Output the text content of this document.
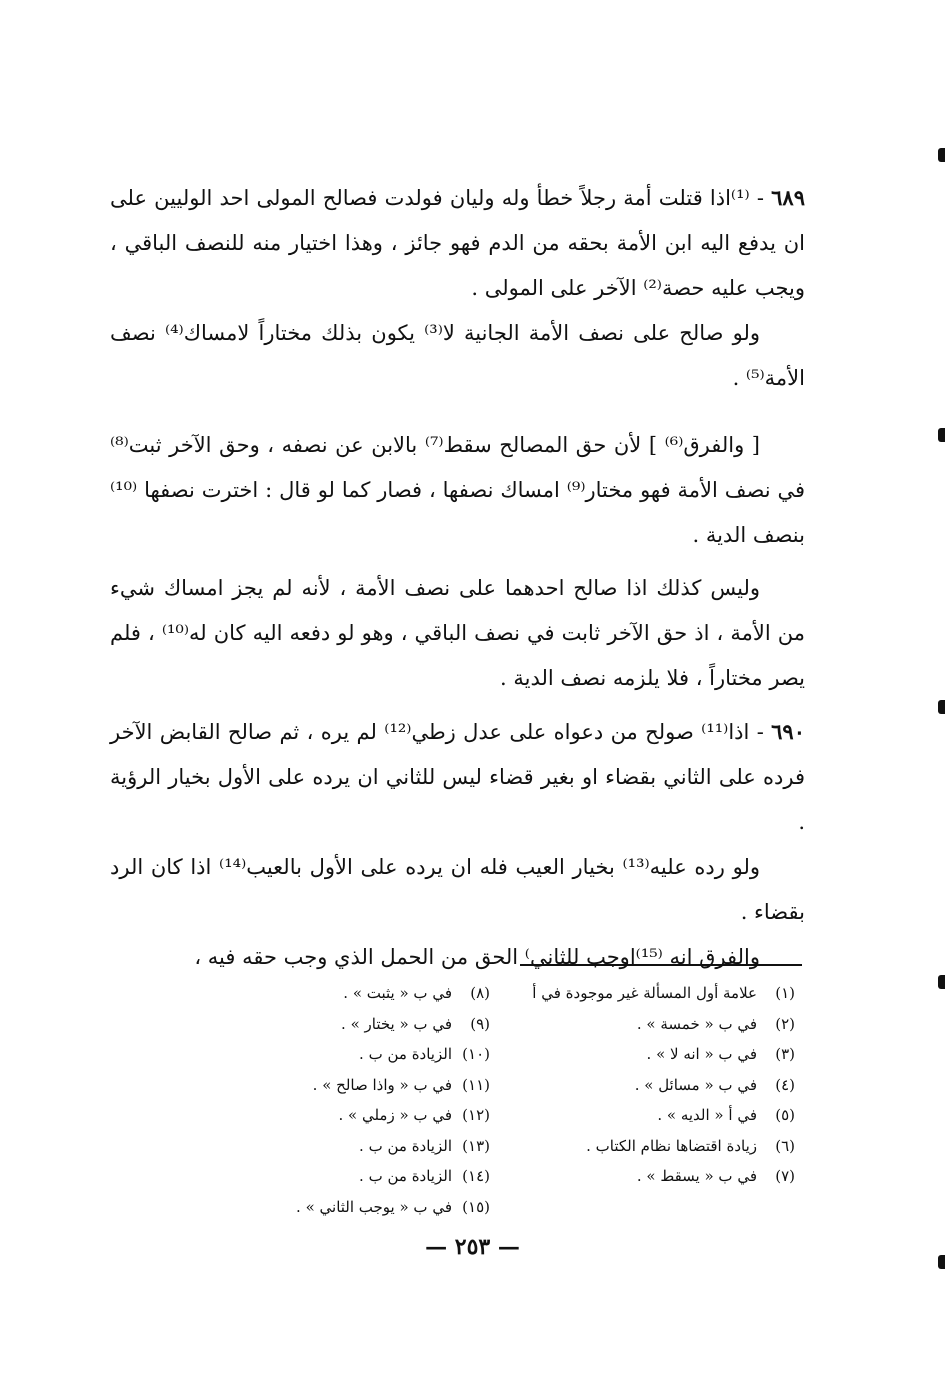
٦٨٩ - ⁽¹⁾اذا قتلت أمة رجلاً خطأ وله وليان فولدت فصالح المولى احد الوليين على ان يدفع اليه ابن الأمة بحقه من الدم فهو جائز ، وهذا اختيار منه للنصف الباقي ، ويجب عليه حصة⁽²⁾ الآخر على المولى .

ولو صالح على نصف الأمة الجانية لا⁽³⁾ يكون بذلك مختاراً لامساك⁽⁴⁾ نصف الأمة⁽⁵⁾ .

[ والفرق⁽⁶⁾ ] لأن حق المصالح سقط⁽⁷⁾ بالابن عن نصفه ، وحق الآخر ثبت⁽⁸⁾ في نصف الأمة فهو مختار⁽⁹⁾ امساك نصفها ، فصار كما لو قال : اخترت نصفها ⁽¹⁰⁾بنصف الدية .

وليس كذلك اذا صالح احدهما على نصف الأمة ، لأنه لم يجز امساك شيء من الأمة ، اذ حق الآخر ثابت في نصف الباقي ، وهو لو دفعه اليه كان له⁽¹⁰⁾ ، فلم يصر مختاراً ، فلا يلزمه نصف الدية .

٦٩٠ - اذا⁽¹¹⁾ صولح من دعواه على عدل زطي⁽¹²⁾ لم يره ، ثم صالح القابض الآخر فرده على الثاني بقضاء او بغير قضاء ليس للثاني ان يرده على الأول بخيار الرؤية .

ولو رده عليه⁽¹³⁾ بخيار العيب فله ان يرده على الأول بالعيب⁽¹⁴⁾ اذا كان الرد بقضاء .

والفرق انه ⁽¹⁵⁾اوجب للثاني⁾ الحق من الحمل الذي وجب حقه فيه ،

(١)علامة أول المسألة غير موجودة في أ
(٢)في ب « خمسة » .
(٣)في ب « انه لا » .
(٤)في ب « مسائل » .
(٥)في أ « الديه » .
(٦)زيادة اقتضاها نظام الكتاب .
(٧)في ب « يسقط » .
(٨)في ب « يثبت » .
(٩)في ب « يختار » .
(١٠)الزيادة من ب .
(١١)في ب « واذا صالح » .
(١٢)في ب « زملي » .
(١٣)الزيادة من ب .
(١٤)الزيادة من ب .
(١٥)في ب « يوجب الثاني » .
— ٢٥٣ —
